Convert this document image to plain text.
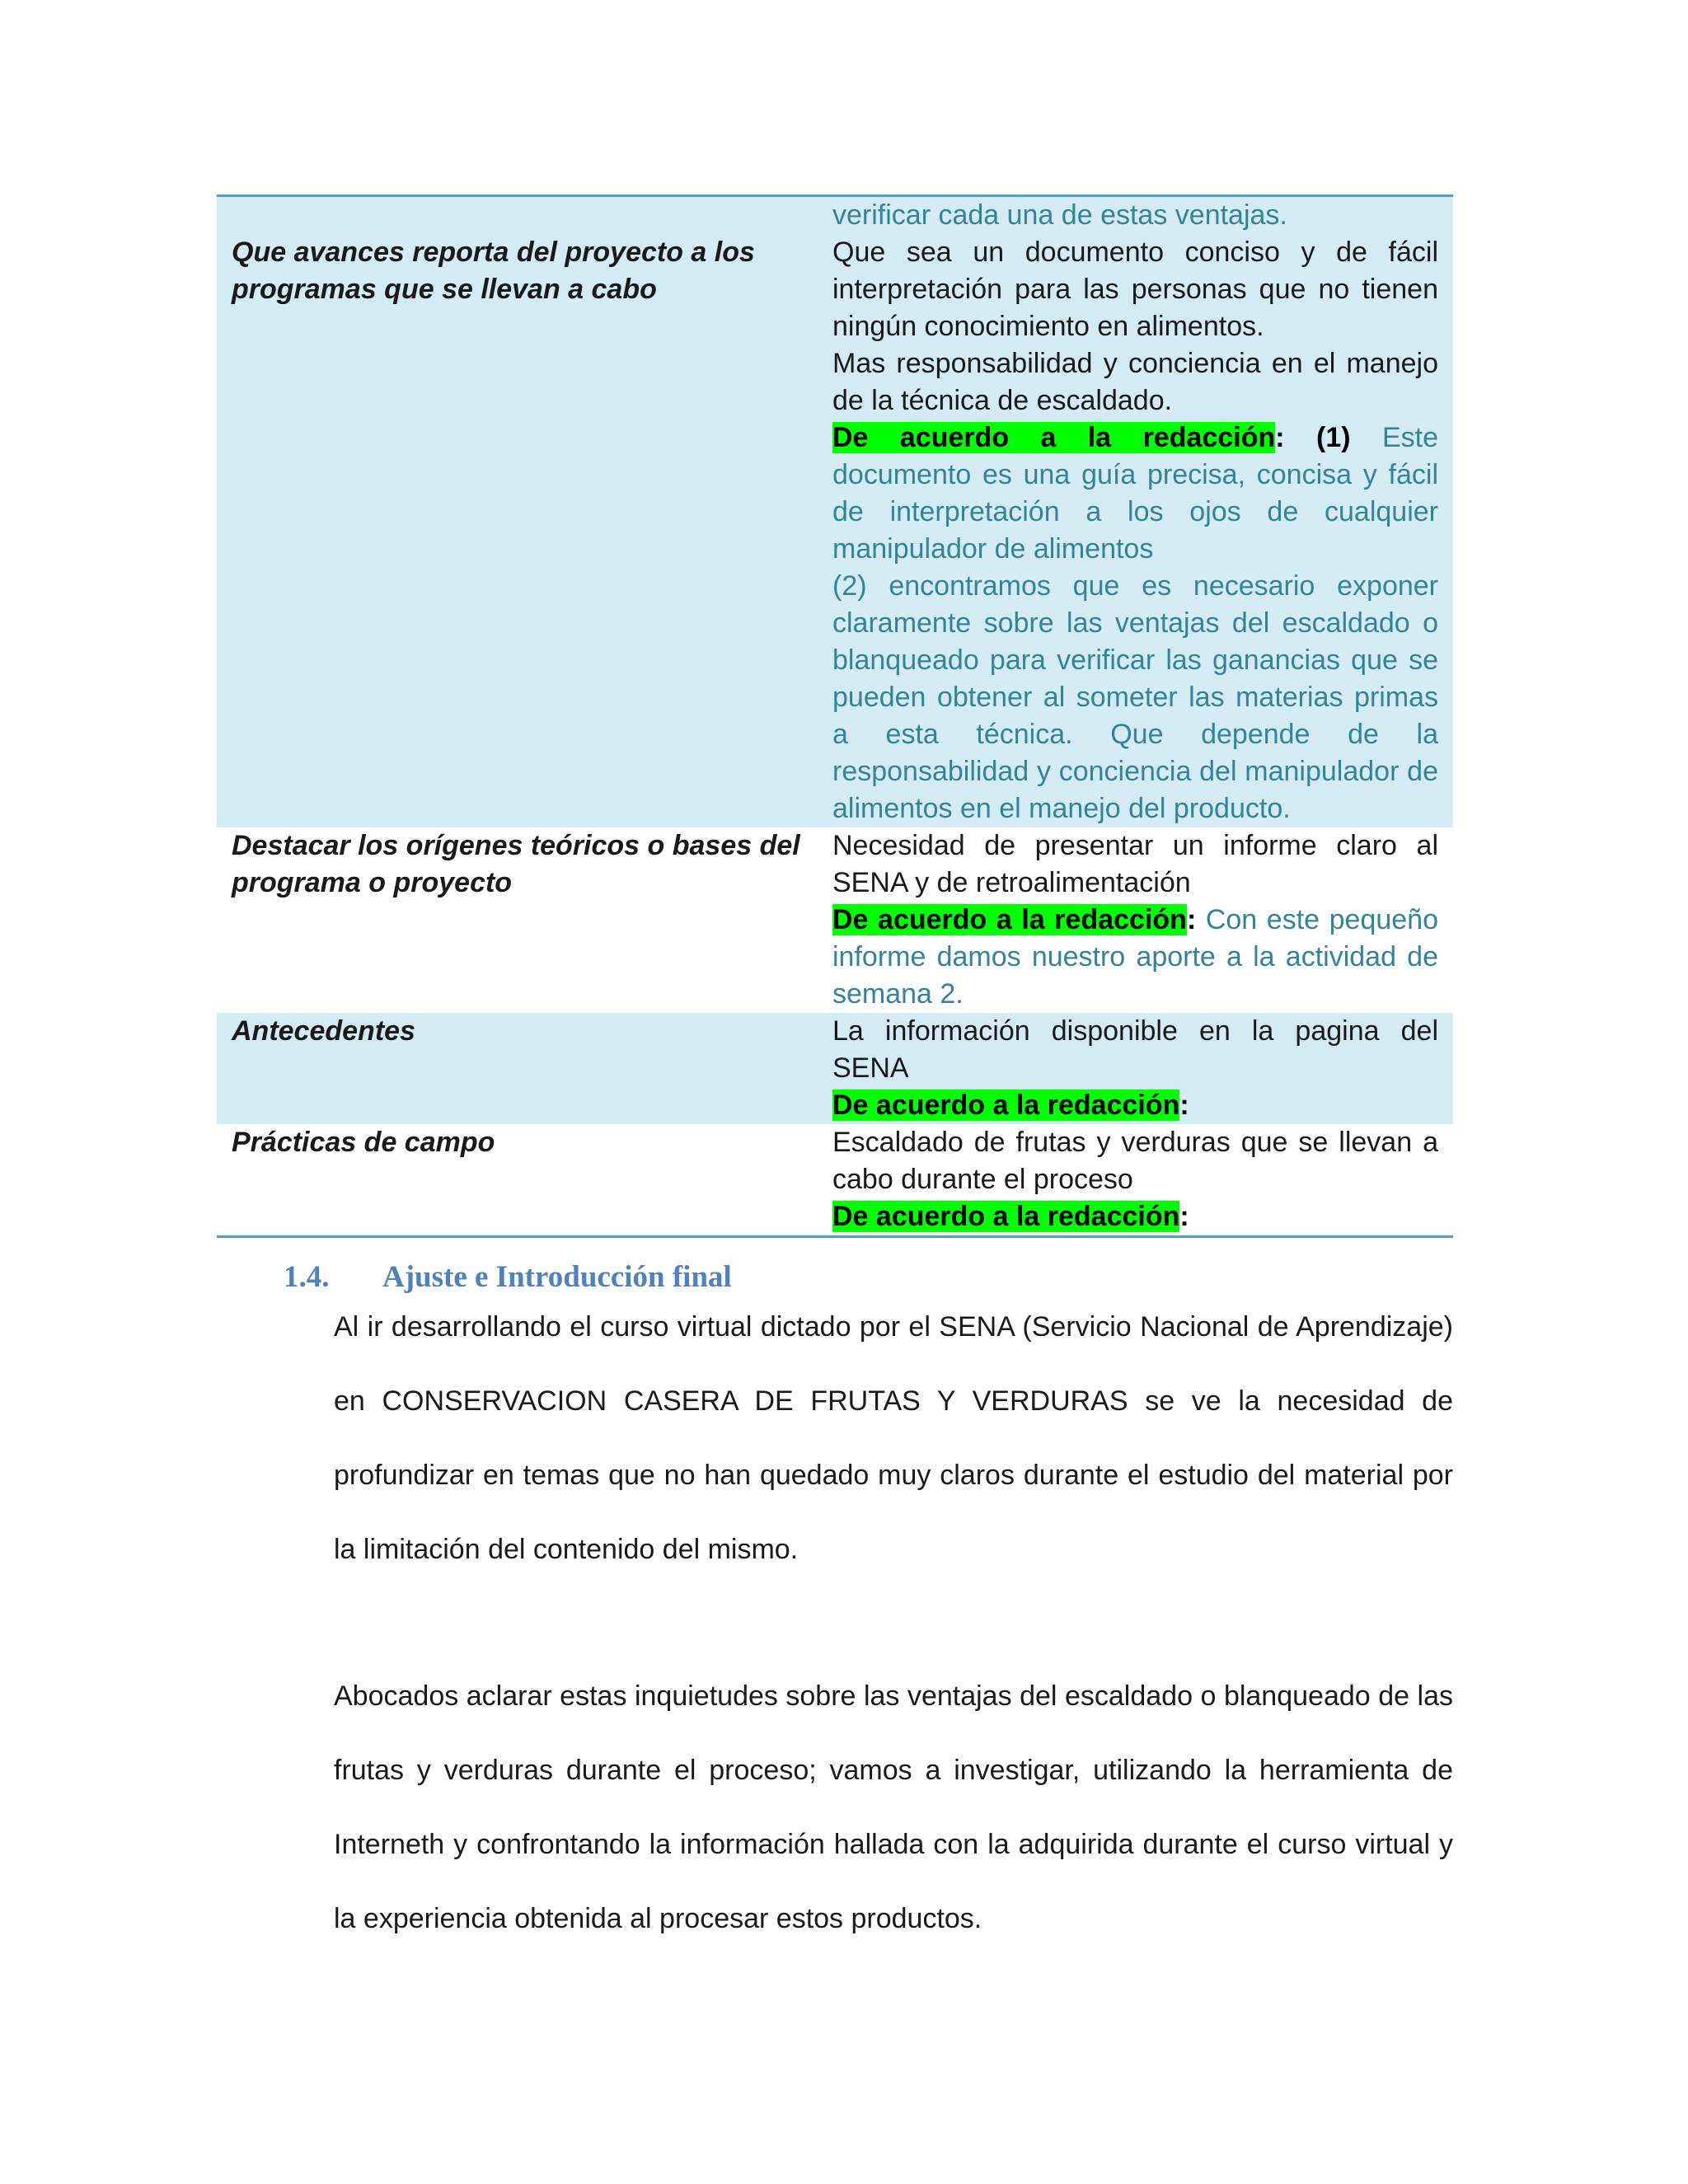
verificar cada una de estas ventajas.

Que avances reporta del proyecto a los programas que se llevan a cabo

Que sea un documento conciso y de fácil interpretación para las personas que no tienen ningún conocimiento en alimentos.

Mas responsabilidad y conciencia en el manejo de la técnica de escaldado.

De acuerdo a la redacción: (1) Este documento es una guía precisa, concisa y fácil de interpretación a los ojos de cualquier manipulador de alimentos

(2) encontramos que es necesario exponer claramente sobre las ventajas del escaldado o blanqueado para verificar las ganancias que se pueden obtener al someter las materias primas a esta técnica. Que depende de la responsabilidad y conciencia del manipulador de alimentos en el manejo del producto.

Destacar los orígenes teóricos o bases del programa o proyecto

Necesidad de presentar un informe claro al SENA y de retroalimentación

De acuerdo a la redacción: Con este pequeño informe damos nuestro aporte a la actividad de semana 2.

Antecedentes	La información disponible en la pagina del SENA

De acuerdo a la redacción:

Prácticas de campo	Escaldado de frutas y verduras que se llevan a cabo durante el proceso

De acuerdo a la redacción:

1.4. Ajuste e Introducción final

Al ir desarrollando el curso virtual dictado por el SENA (Servicio Nacional de Aprendizaje) en CONSERVACION CASERA DE FRUTAS Y VERDURAS se ve la necesidad de profundizar en temas que no han quedado muy claros durante el estudio del material por la limitación del contenido del mismo.

Abocados aclarar estas inquietudes sobre las ventajas del escaldado o blanqueado de las frutas y verduras durante el proceso; vamos a investigar, utilizando la herramienta de Interneth y confrontando la información hallada con la adquirida durante el curso virtual y la experiencia obtenida al procesar estos productos.
